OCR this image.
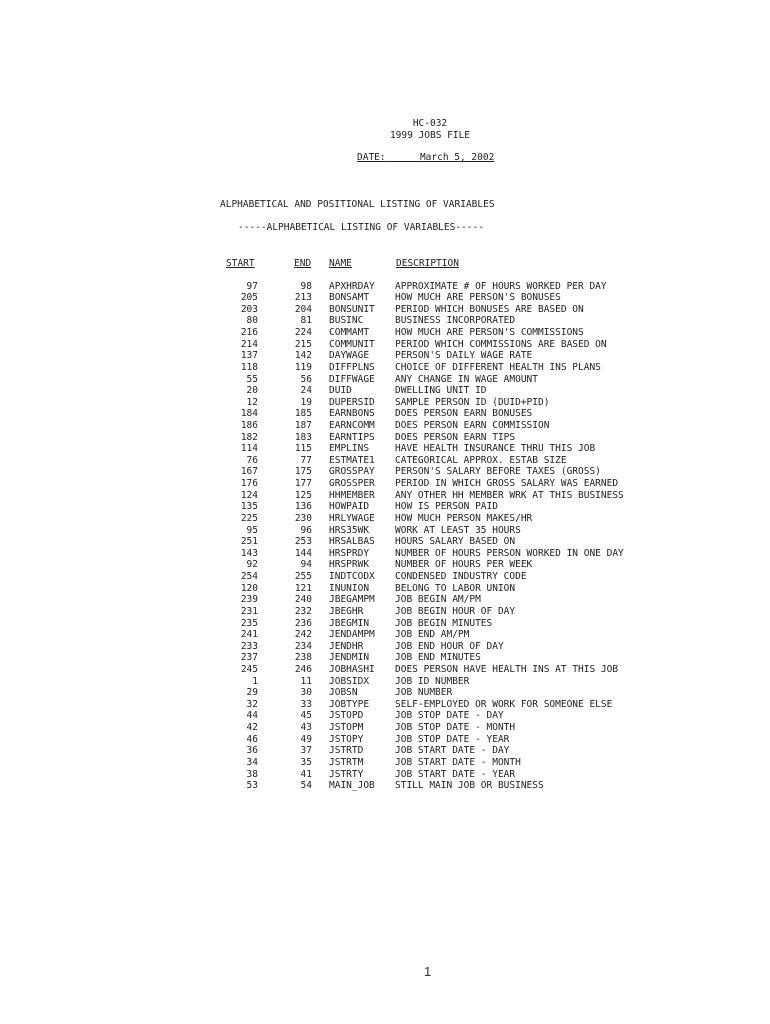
HC-032
1999 JOBS FILE
DATE:	March 5, 2002
ALPHABETICAL AND POSITIONAL LISTING OF VARIABLES
-----ALPHABETICAL LISTING OF VARIABLES-----
START	END NAME	DESCRIPTION
97	98 APXHRDAY APPROXIMATE # OF HOURS WORKED PER DAY
205	213 BONSAMT	HOW MUCH ARE PERSON'S BONUSES
203	204 BONSUNIT PERIOD WHICH BONUSES ARE BASED ON
80	81 BUSINC	BUSINESS INCORPORATED
216	224 COMMAMT	HOW MUCH ARE PERSON'S COMMISSIONS
214	215 COMMUNIT PERIOD WHICH COMMISSIONS ARE BASED ON
137	142 DAYWAGE	PERSON'S DAILY WAGE RATE
118	119 DIFFPLNS CHOICE OF DIFFERENT HEALTH INS PLANS
55	56 DIFFWAGE ANY CHANGE IN WAGE AMOUNT
20	24 DUID	DWELLING UNIT ID
12	19 DUPERSID SAMPLE PERSON ID (DUID+PID)
184	185 EARNBONS DOES PERSON EARN BONUSES
186	187 EARNCOMM DOES PERSON EARN COMMISSION
182	183 EARNTIPS DOES PERSON EARN TIPS
114	115 EMPLINS	HAVE HEALTH INSURANCE THRU THIS JOB
76	77 ESTMATE1 CATEGORICAL APPROX. ESTAB SIZE
167	175 GROSSPAY PERSON'S SALARY BEFORE TAXES (GROSS)
176	177 GROSSPER PERIOD IN WHICH GROSS SALARY WAS EARNED
124	125 HHMEMBER ANY OTHER HH MEMBER WRK AT THIS BUSINESS
135	136 HOWPAID	HOW IS PERSON PAID
225	230 HRLYWAGE HOW MUCH PERSON MAKES/HR
95	96 HRS35WK	WORK AT LEAST 35 HOURS
251	253 HRSALBAS HOURS SALARY BASED ON
143	144 HRSPRDY	NUMBER OF HOURS PERSON WORKED IN ONE DAY
92	94 HRSPRWK	NUMBER OF HOURS PER WEEK
254	255 INDTCODX CONDENSED INDUSTRY CODE
120	121 INUNION	BELONG TO LABOR UNION
239	240 JBEGAMPM JOB BEGIN AM/PM
231	232 JBEGHR	JOB BEGIN HOUR OF DAY
235	236 JBEGMIN	JOB BEGIN MINUTES
241	242 JENDAMPM JOB END AM/PM
233	234 JENDHR	JOB END HOUR OF DAY
237	238 JENDMIN	JOB END MINUTES
245	246 JOBHASHI DOES PERSON HAVE HEALTH INS AT THIS JOB
1	11 JOBSIDX	JOB ID NUMBER
29	30 JOBSN	JOB NUMBER
32	33 JOBTYPE	SELF-EMPLOYED OR WORK FOR SOMEONE ELSE
44	45 JSTOPD	JOB STOP DATE - DAY
42	43 JSTOPM	JOB STOP DATE - MONTH
46	49 JSTOPY	JOB STOP DATE - YEAR
36	37 JSTRTD	JOB START DATE - DAY
34	35 JSTRTM	JOB START DATE - MONTH
38	41 JSTRTY	JOB START DATE - YEAR
53	54 MAIN_JOB STILL MAIN JOB OR BUSINESS
1
